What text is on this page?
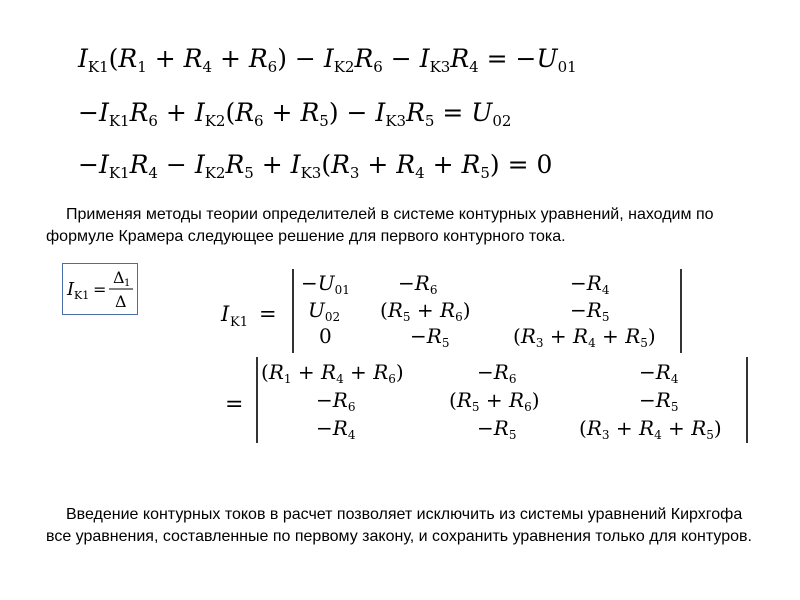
$I_{K1}(R_1 + R_4 + R_6) - I_{K2}R_6 - I_{K3}R_4 = -U_{01}$
$-I_{K1}R_6 + I_{K2}(R_6 + R_5) - I_{K3}R_5 = U_{02}$
$-I_{K1}R_4 - I_{K2}R_5 + I_{K3}(R_3 + R_4 + R_5) = 0$
Применяя методы теории определителей в системе контурных уравнений, находим по формуле Крамера следующее решение для первого контурного тока.
I K1 =
Δ 1
Δ
I K1 =
$-U_{01} -R_6$	$-R_4$
$U_{02}$ $(R_5 + R_6)$	$-R_5$
0	$-R_5$	$(R_3 + R_4 + R_5)$
=
$(R_1 + R_4 + R_6)$	$-R_6$	$-R_4$
$-R_6$	$(R_5 + R_6)$	$-R_5$
$-R_4$	$-R_5$	$(R_3 + R_4 + R_5)$
Введение контурных токов в расчет позволяет исключить из системы уравнений Кирхгофа все уравнения, составленные по первому закону, и сохранить уравнения только для контуров.
